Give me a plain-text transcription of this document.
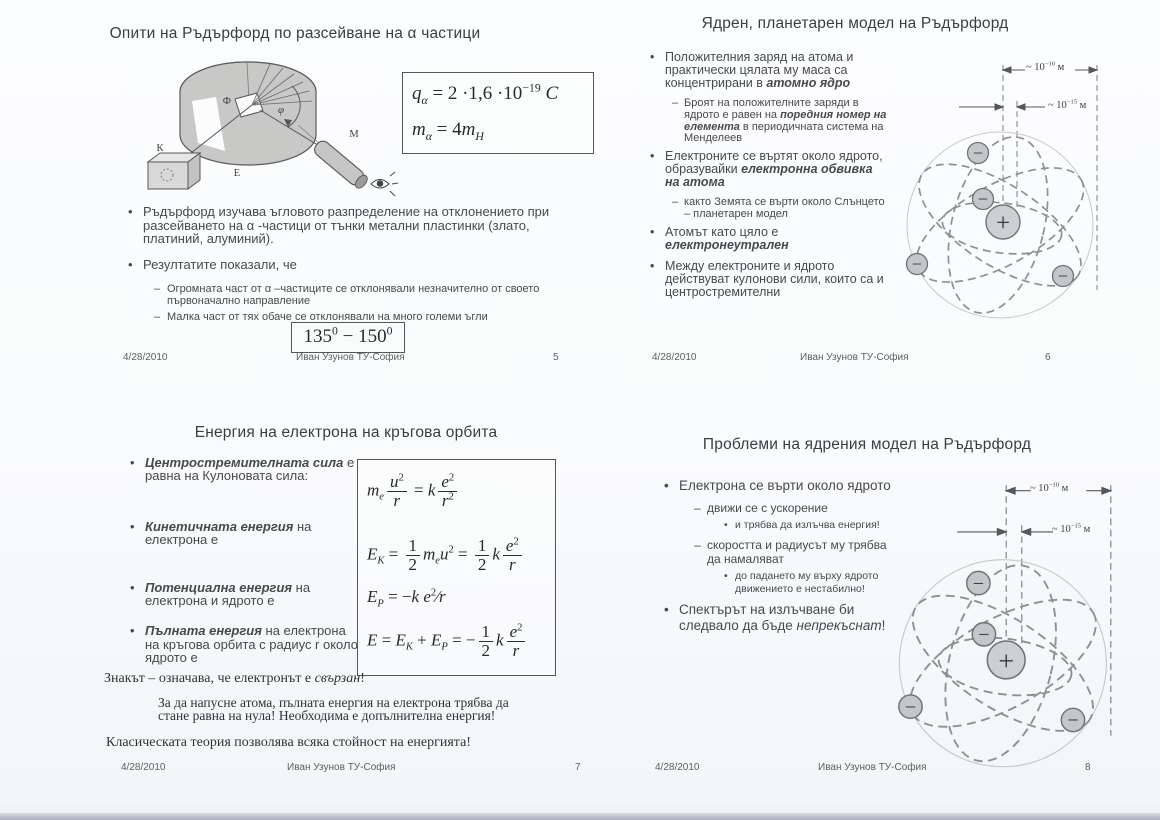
Опити на Ръдърфорд по разсейване на α частици
К
Е
М
Ф
φ
$q_\alpha = 2 \cdot 1,6 \cdot 10^{-19}$ C
$m_\alpha = 4m_Н$
• Ръдърфорд изучава ъгловото разпределение на отклонението при разсейването на α -частици от тънки метални пластинки (злато, платиний, алуминий).
• Резултатите показали, че
– Огромната част от α –частиците се отклонявали незначително от своето първоначално направление
– Малка част от тях обаче се отклонявали на много големи ъгли
$135^0 - 150^0$
4/28/2010	Иван Узунов ТУ-София	5
Ядрен, планетарен модел на Ръдърфорд
• Положителния заряд на атома и практически цялата му маса са концентрирани в атомно ядро
– Броят на положителните заряди в ядрото е равен на поредния номер на елемента в периодичната система на Менделеев
• Електроните се въртят около ядрото, образувайки електронна обвивка на атома
– както Земята се върти около Слънцето – планетарен модел
• Атомът като цяло е електронеутрален
• Между електроните и ядрото действуват кулонови сили, които са и центростремителни
+
−
−
−
−
~ $10^{-10}$ м
~ $10^{-15}$ м
4/28/2010	Иван Узунов ТУ-София	6
Енергия на електрона на кръгова орбита
• Центростремителната сила е равна на Кулоновата сила:
• Кинетичната енергия на електрона е
• Потенциална енергия на електрона и ядрото е
• Пълната енергия на електрона на кръгова орбита с радиус r около ядрото е
$m_e \frac{u^2}{r} = k \frac{e^2}{r^2}$
$E_K = \frac{1}{2} m_eu^2 = \frac{1}{2}$ k $\frac{e^2}{r}$
$E_P = -k$ $e^2∕r$
$E = E_K + E_P$ = − $\frac{1}{2}$ k $\frac{e^2}{r}$
Знакът – означава, че електронът е свързан!
За да напусне атома, пълната енергия на електрона трябва да стане равна на нула! Необходима е допълнителна енергия!
Класическата теория позволява всяка стойност на енергията!
4/28/2010	Иван Узунов ТУ-София	7
Проблеми на ядрения модел на Ръдърфорд
• Електрона се върти около ядрото
– движи се с ускорение
• и трябва да излъчва енергия!
– скоростта и радиусът му трябва да намаляват
• до падането му върху ядрото движението е нестабилно!
• Спектърът на излъчване би следвало да бъде непрекъснат!
+
−
−
−
−
~ $10^{-10}$ м
~ $10^{-15}$ м
4/28/2010	Иван Узунов ТУ-София	8
